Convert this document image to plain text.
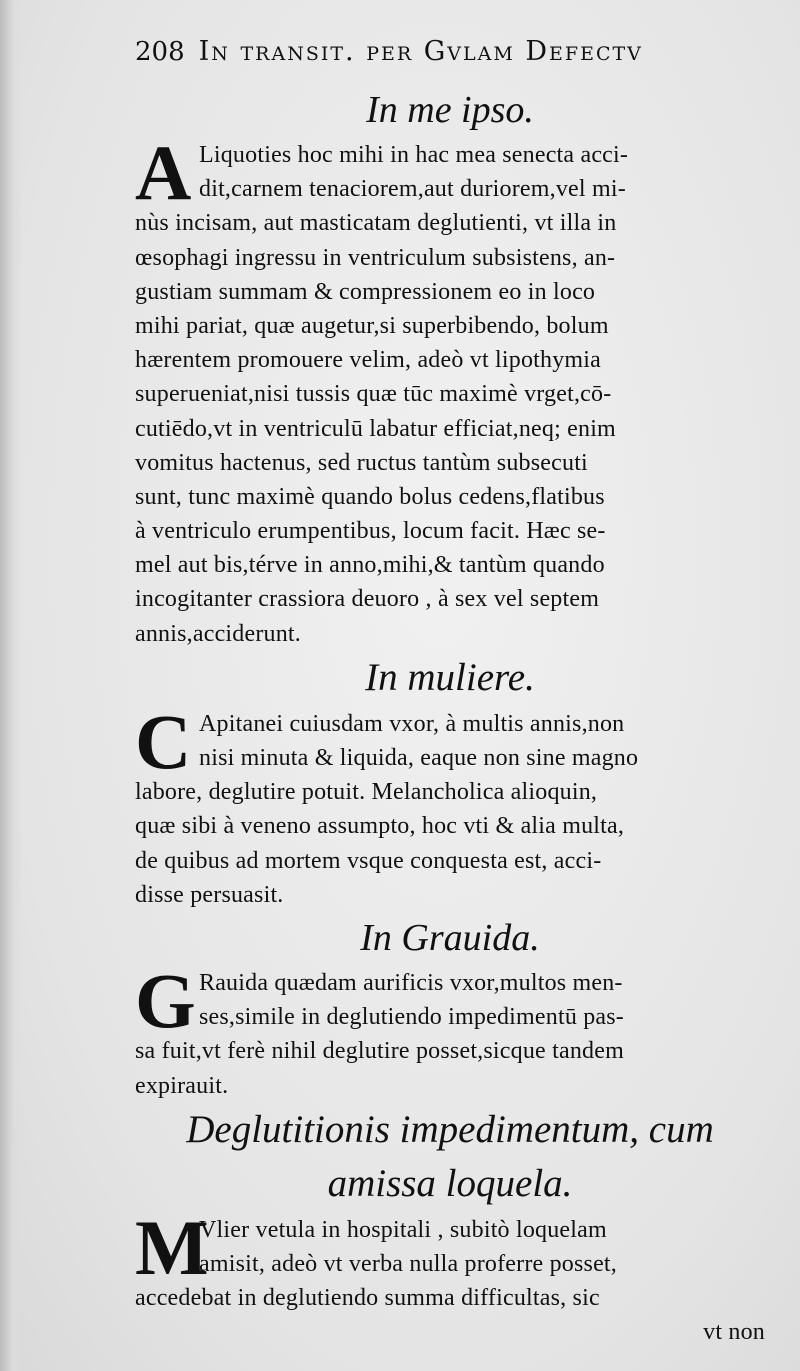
208 In transit. per Gvlam Defectv
In me ipso.
A Liquoties hoc mihi in hac mea senecta acci-
dit,carnem tenaciorem,aut duriorem,vel mi-
nùs incisam, aut masticatam deglutienti, vt illa in
œsophagi ingressu in ventriculum subsistens, an-
gustiam summam & compressionem eo in loco
mihi pariat, quæ augetur,si superbibendo, bolum
hærentem promouere velim, adeò vt lipothymia
superueniat,nisi tussis quæ tūc maximè vrget,cō-
cutiēdo,vt in ventriculū labatur efficiat,neq; enim
vomitus hactenus, sed ructus tantùm subsecuti
sunt, tunc maximè quando bolus cedens,flatibus
à ventriculo erumpentibus, locum facit. Hæc se-
mel aut bis,térve in anno,mihi,& tantùm quando
incogitanter crassiora deuoro , à sex vel septem
annis,acciderunt.
In muliere.
C Apitanei cuiusdam vxor, à multis annis,non
nisi minuta & liquida, eaque non sine magno
labore, deglutire potuit. Melancholica alioquin,
quæ sibi à veneno assumpto, hoc vti & alia multa,
de quibus ad mortem vsque conquesta est, acci-
disse persuasit.
In Grauida.
G Rauida quædam aurificis vxor,multos men-
ses,simile in deglutiendo impedimentū pas-
sa fuit,vt ferè nihil deglutire posset,sicque tandem
expirauit.
Deglutitionis impedimentum, cum
amissa loquela.
M
Vlier vetula in hospitali , subitò loquelam
amisit, adeò vt verba nulla proferre posset,
accedebat in deglutiendo summa difficultas, sic
vt non
